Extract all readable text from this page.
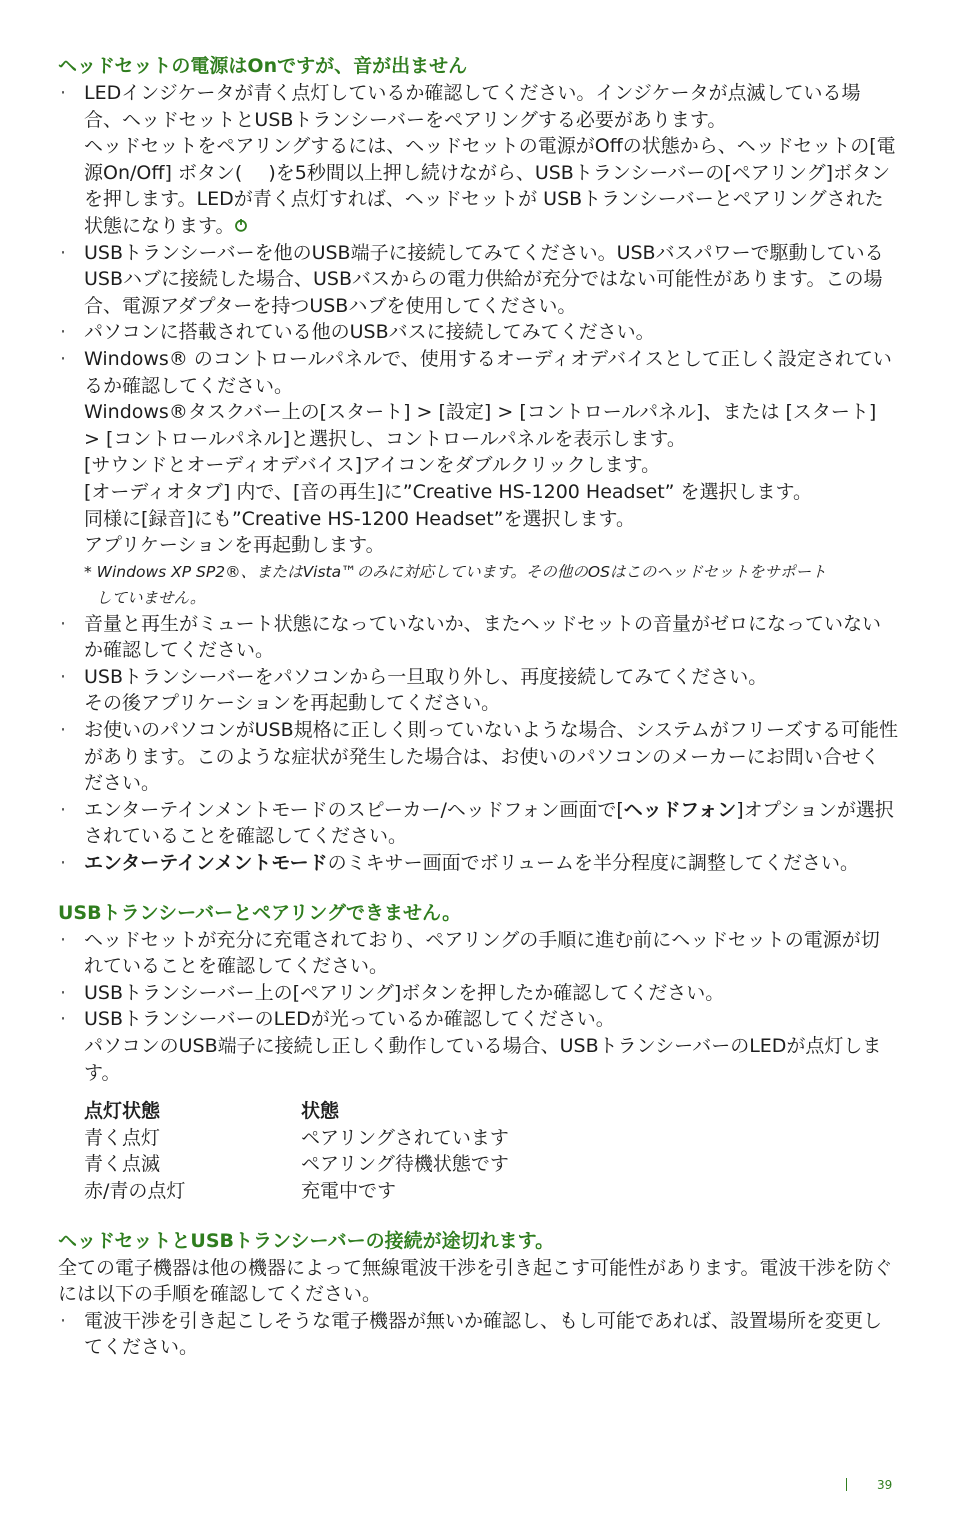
ヘッドセットの電源はOnですが、音が出ません
· LEDインジケータが青く点灯しているか確認してください。インジケータが点滅している場合、ヘッドセットとUSBトランシーバーをペアリングする必要があります。
ヘッドセットをペアリングするには、ヘッドセットの電源がOffの状態から、ヘッドセットの[電源On/Off] ボタン( )を5秒間以上押し続けながら、USBトランシーバーの[ペアリング]ボタンを押します。LEDが青く点灯すれば、ヘッドセットが USBトランシーバーとペアリングされた状態になります。
· USBトランシーバーを他のUSB端子に接続してみてください。USBバスパワーで駆動しているUSBハブに接続した場合、USBバスからの電力供給が充分ではない可能性があります。この場合、電源アダプターを持つUSBハブを使用してください。
· パソコンに搭載されている他のUSBバスに接続してみてください。
· Windows® のコントロールパネルで、使用するオーディオデバイスとして正しく設定されているか確認してください。
Windows®タスクバー上の[スタート] > [設定] > [コントロールパネル]、または [スタート] > [コントロールパネル]と選択し、コントロールパネルを表示します。
[サウンドとオーディオデバイス]アイコンをダブルクリックします。
[オーディオタブ] 内で、[音の再生]に”Creative HS-1200 Headset” を選択します。
同様に[録音]にも”Creative HS-1200 Headset”を選択します。
アプリケーションを再起動します。
* Windows XP SP2®、またはVista™のみに対応しています。その他のOSはこのヘッドセットをサポート
していません。
· 音量と再生がミュート状態になっていないか、またヘッドセットの音量がゼロになっていないか確認してください。
· USBトランシーバーをパソコンから一旦取り外し、再度接続してみてください。
その後アプリケーションを再起動してください。
· お使いのパソコンがUSB規格に正しく則っていないような場合、システムがフリーズする可能性があります。このような症状が発生した場合は、お使いのパソコンのメーカーにお問い合せください。
· エンターテインメントモードのスピーカー/ヘッドフォン画面で[ヘッドフォン]オプションが選択されていることを確認してください。
· エンターテインメントモードのミキサー画面でボリュームを半分程度に調整してください。
USBトランシーバーとペアリングできません。
· ヘッドセットが充分に充電されており、ペアリングの手順に進む前にヘッドセットの電源が切れていることを確認してください。
· USBトランシーバー上の[ペアリング]ボタンを押したか確認してください。
· USBトランシーバーのLEDが光っているか確認してください。
パソコンのUSB端子に接続し正しく動作している場合、USBトランシーバーのLEDが点灯します。
点灯状態	状態
青く点灯	ペアリングされています
青く点滅	ペアリング待機状態です
赤/青の点灯	充電中です
ヘッドセットとUSBトランシーバーの接続が途切れます。

全ての電子機器は他の機器によって無線電波干渉を引き起こす可能性があります。電波干渉を防ぐには以下の手順を確認してください。

· 電波干渉を引き起こしそうな電子機器が無いか確認し、もし可能であれば、設置場所を変更してください。
39
